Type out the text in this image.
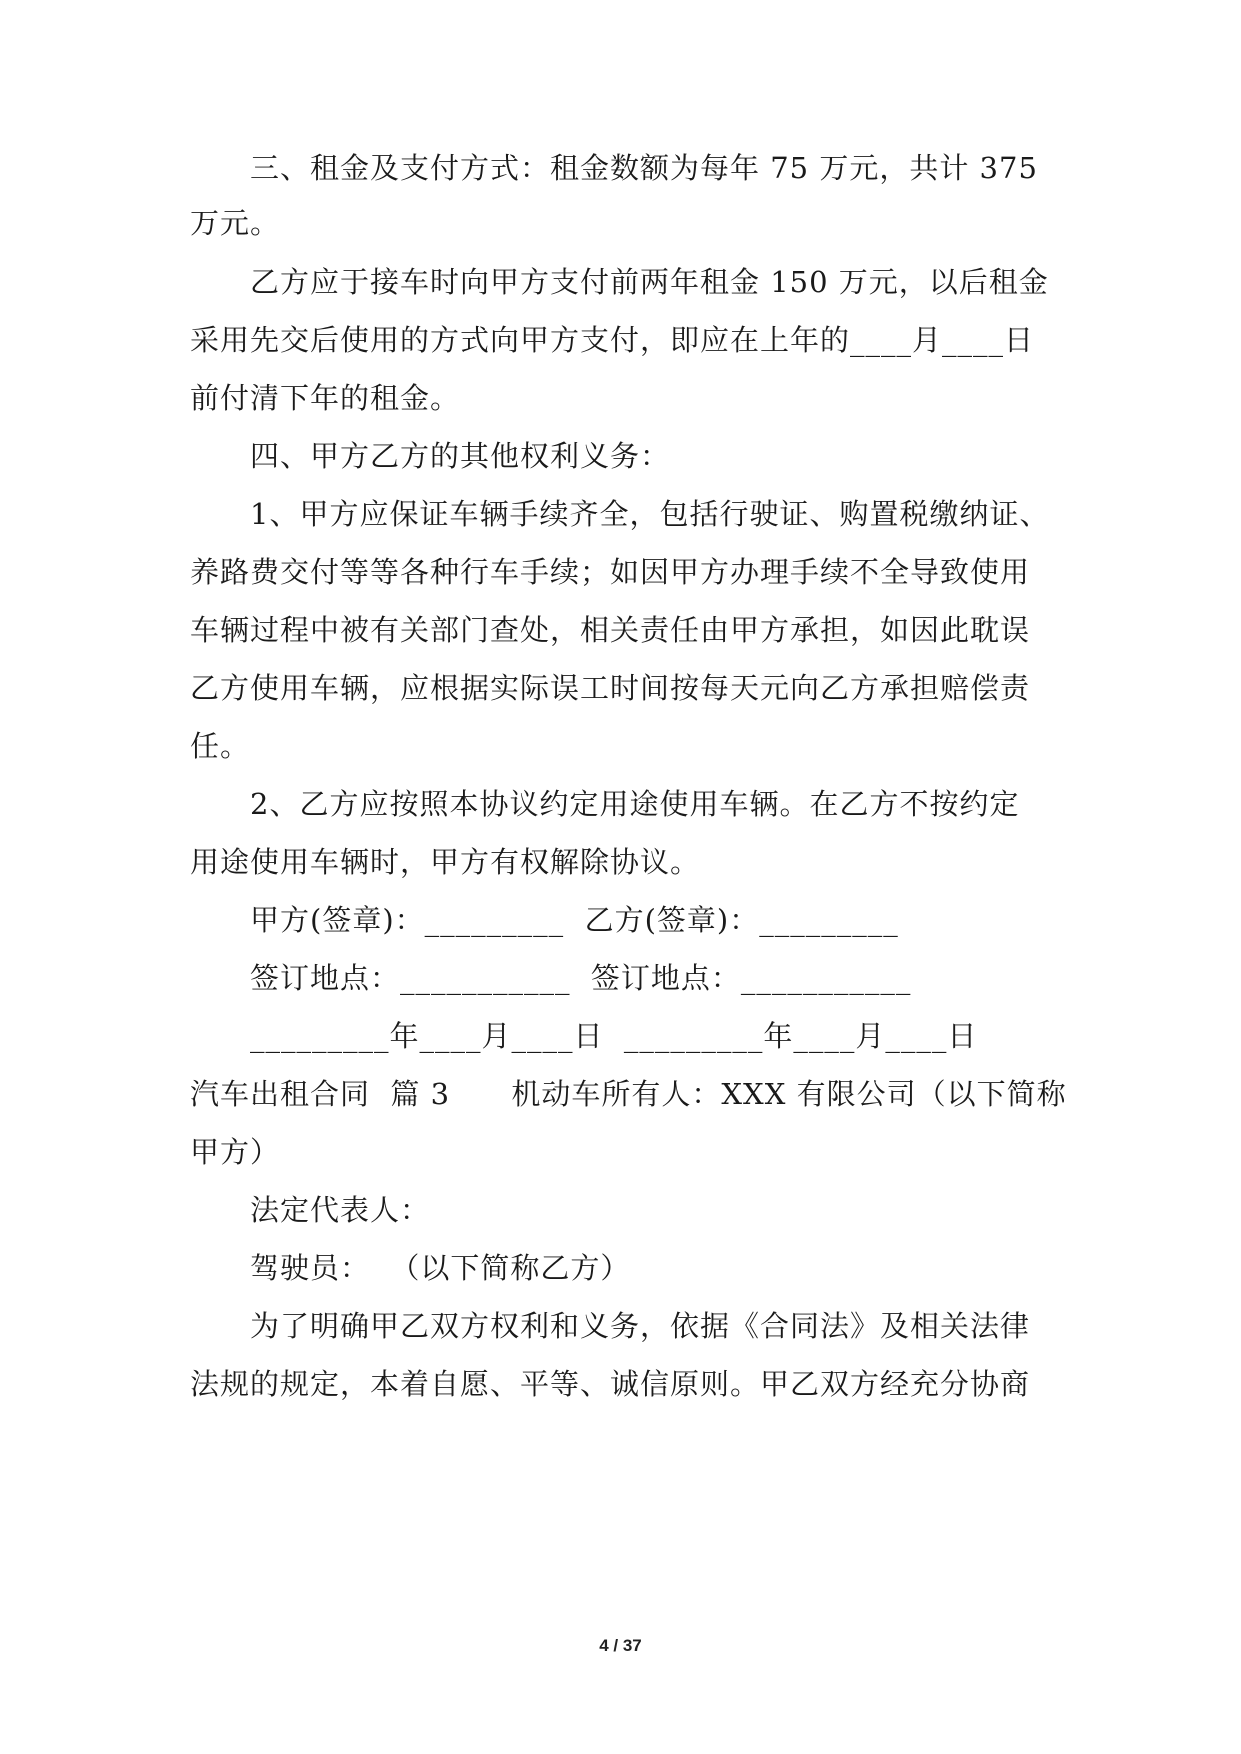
三、租金及支付方式：租金数额为每年 75 万元，共计 375
万元。
乙方应于接车时向甲方支付前两年租金 150 万元，以后租金
采用先交后使用的方式向甲方支付，即应在上年的____月____日
前付清下年的租金。
四、甲方乙方的其他权利义务：
1、甲方应保证车辆手续齐全，包括行驶证、购置税缴纳证、
养路费交付等等各种行车手续；如因甲方办理手续不全导致使用
车辆过程中被有关部门查处，相关责任由甲方承担，如因此耽误
乙方使用车辆，应根据实际误工时间按每天元向乙方承担赔偿责
任。
2、乙方应按照本协议约定用途使用车辆。在乙方不按约定
用途使用车辆时，甲方有权解除协议。
甲方(签章)：_________  乙方(签章)：_________
签订地点：___________  签订地点：___________
_________年____月____日  _________年____月____日
汽车出租合同  篇 3      机动车所有人：XXX 有限公司（以下简称
甲方）
法定代表人：
驾驶员：  （以下简称乙方）
为了明确甲乙双方权利和义务，依据《合同法》及相关法律
法规的规定，本着自愿、平等、诚信原则。甲乙双方经充分协商
4 / 37
